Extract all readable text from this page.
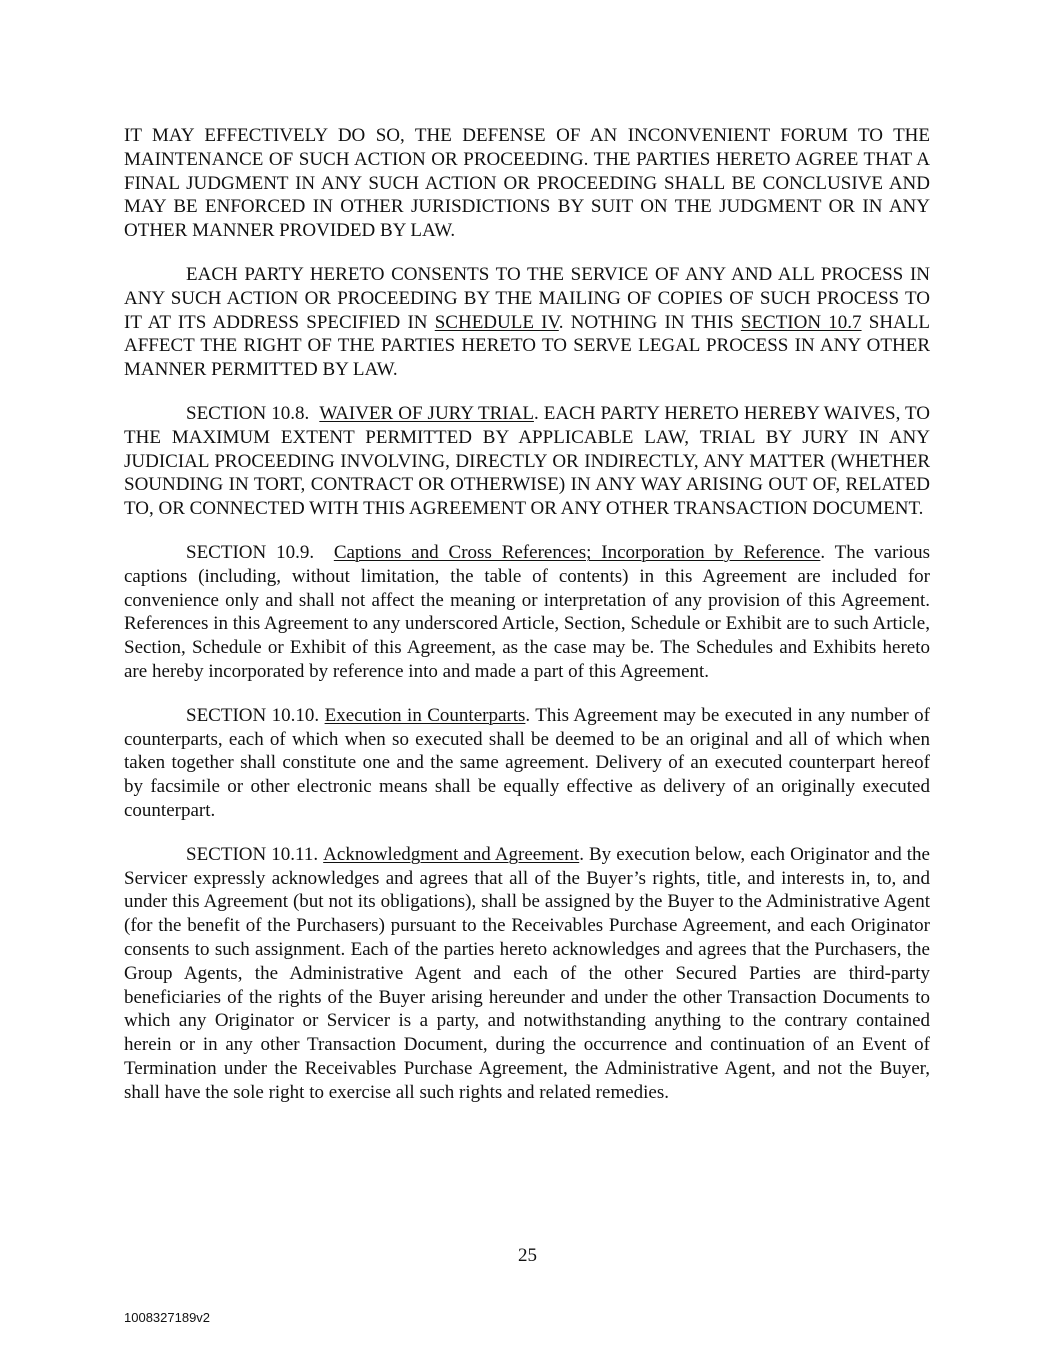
IT MAY EFFECTIVELY DO SO, THE DEFENSE OF AN INCONVENIENT FORUM TO THE MAINTENANCE OF SUCH ACTION OR PROCEEDING. THE PARTIES HERETO AGREE THAT A FINAL JUDGMENT IN ANY SUCH ACTION OR PROCEEDING SHALL BE CONCLUSIVE AND MAY BE ENFORCED IN OTHER JURISDICTIONS BY SUIT ON THE JUDGMENT OR IN ANY OTHER MANNER PROVIDED BY LAW.

EACH PARTY HERETO CONSENTS TO THE SERVICE OF ANY AND ALL PROCESS IN ANY SUCH ACTION OR PROCEEDING BY THE MAILING OF COPIES OF SUCH PROCESS TO IT AT ITS ADDRESS SPECIFIED IN SCHEDULE IV. NOTHING IN THIS SECTION 10.7 SHALL AFFECT THE RIGHT OF THE PARTIES HERETO TO SERVE LEGAL PROCESS IN ANY OTHER MANNER PERMITTED BY LAW.

SECTION 10.8. WAIVER OF JURY TRIAL. EACH PARTY HERETO HEREBY WAIVES, TO THE MAXIMUM EXTENT PERMITTED BY APPLICABLE LAW, TRIAL BY JURY IN ANY JUDICIAL PROCEEDING INVOLVING, DIRECTLY OR INDIRECTLY, ANY MATTER (WHETHER SOUNDING IN TORT, CONTRACT OR OTHERWISE) IN ANY WAY ARISING OUT OF, RELATED TO, OR CONNECTED WITH THIS AGREEMENT OR ANY OTHER TRANSACTION DOCUMENT.

SECTION 10.9. Captions and Cross References; Incorporation by Reference. The various captions (including, without limitation, the table of contents) in this Agreement are included for convenience only and shall not affect the meaning or interpretation of any provision of this Agreement. References in this Agreement to any underscored Article, Section, Schedule or Exhibit are to such Article, Section, Schedule or Exhibit of this Agreement, as the case may be. The Schedules and Exhibits hereto are hereby incorporated by reference into and made a part of this Agreement.

SECTION 10.10. Execution in Counterparts. This Agreement may be executed in any number of counterparts, each of which when so executed shall be deemed to be an original and all of which when taken together shall constitute one and the same agreement. Delivery of an executed counterpart hereof by facsimile or other electronic means shall be equally effective as delivery of an originally executed counterpart.

SECTION 10.11. Acknowledgment and Agreement. By execution below, each Originator and the Servicer expressly acknowledges and agrees that all of the Buyer’s rights, title, and interests in, to, and under this Agreement (but not its obligations), shall be assigned by the Buyer to the Administrative Agent (for the benefit of the Purchasers) pursuant to the Receivables Purchase Agreement, and each Originator consents to such assignment. Each of the parties hereto acknowledges and agrees that the Purchasers, the Group Agents, the Administrative Agent and each of the other Secured Parties are third-party beneficiaries of the rights of the Buyer arising hereunder and under the other Transaction Documents to which any Originator or Servicer is a party, and notwithstanding anything to the contrary contained herein or in any other Transaction Document, during the occurrence and continuation of an Event of Termination under the Receivables Purchase Agreement, the Administrative Agent, and not the Buyer, shall have the sole right to exercise all such rights and related remedies.

25
1008327189v2
